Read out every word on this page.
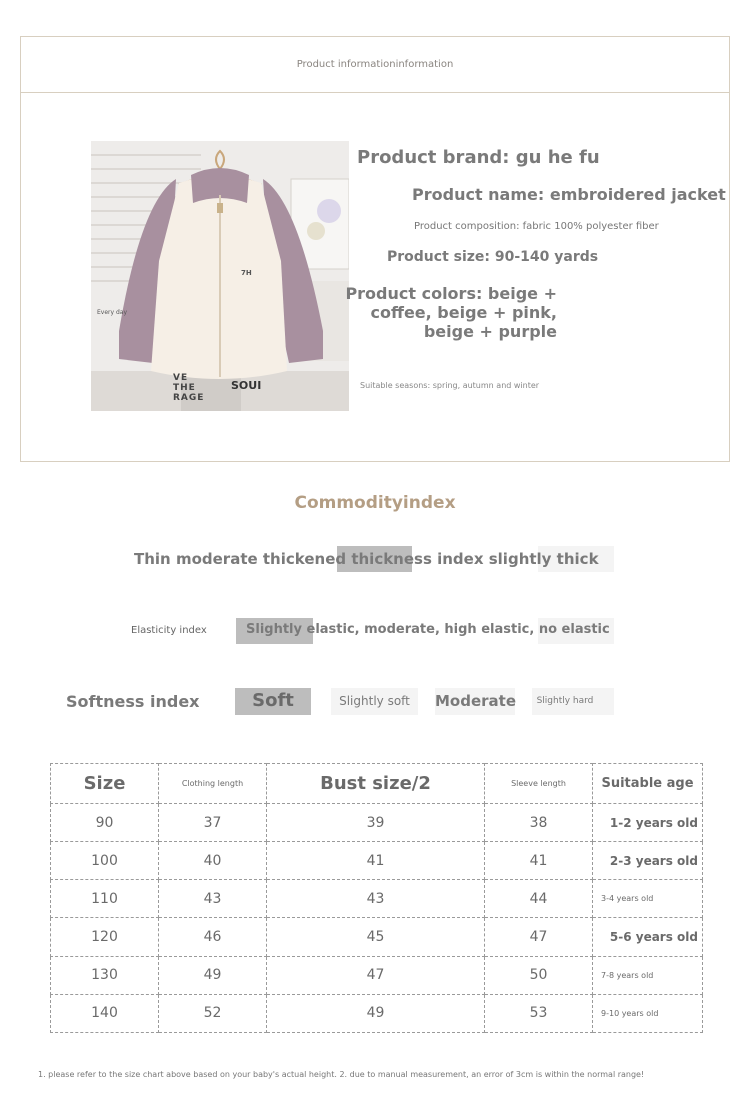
Product informationinformation
7H
Every day
VE THE RAGE
SOUI
Product brand: gu he fu
Product name: embroidered jacket
Product composition: fabric 100% polyester fiber
Product size: 90-140 yards
Product colors: beige + coffee, beige + pink, beige + purple
Suitable seasons: spring, autumn and winter
Commodityindex
Thin moderate thickened thickness index slightly thick
Elasticity index	Slightly elastic, moderate, high elastic, no elastic
Softness index	Soft	Slightly soft	Moderate	Slightly hard
Size	Clothing length	Bust size/2	Sleeve length	Suitable age
90	37	39	38	1-2 years old
100	40	41	41	2-3 years old
110	43	43	44	3-4 years old
120	46	45	47	5-6 years old
130	49	47	50	7-8 years old
140	52	49	53	9-10 years old
1. please refer to the size chart above based on your baby's actual height. 2. due to manual measurement, an error of 3cm is within the normal range!
